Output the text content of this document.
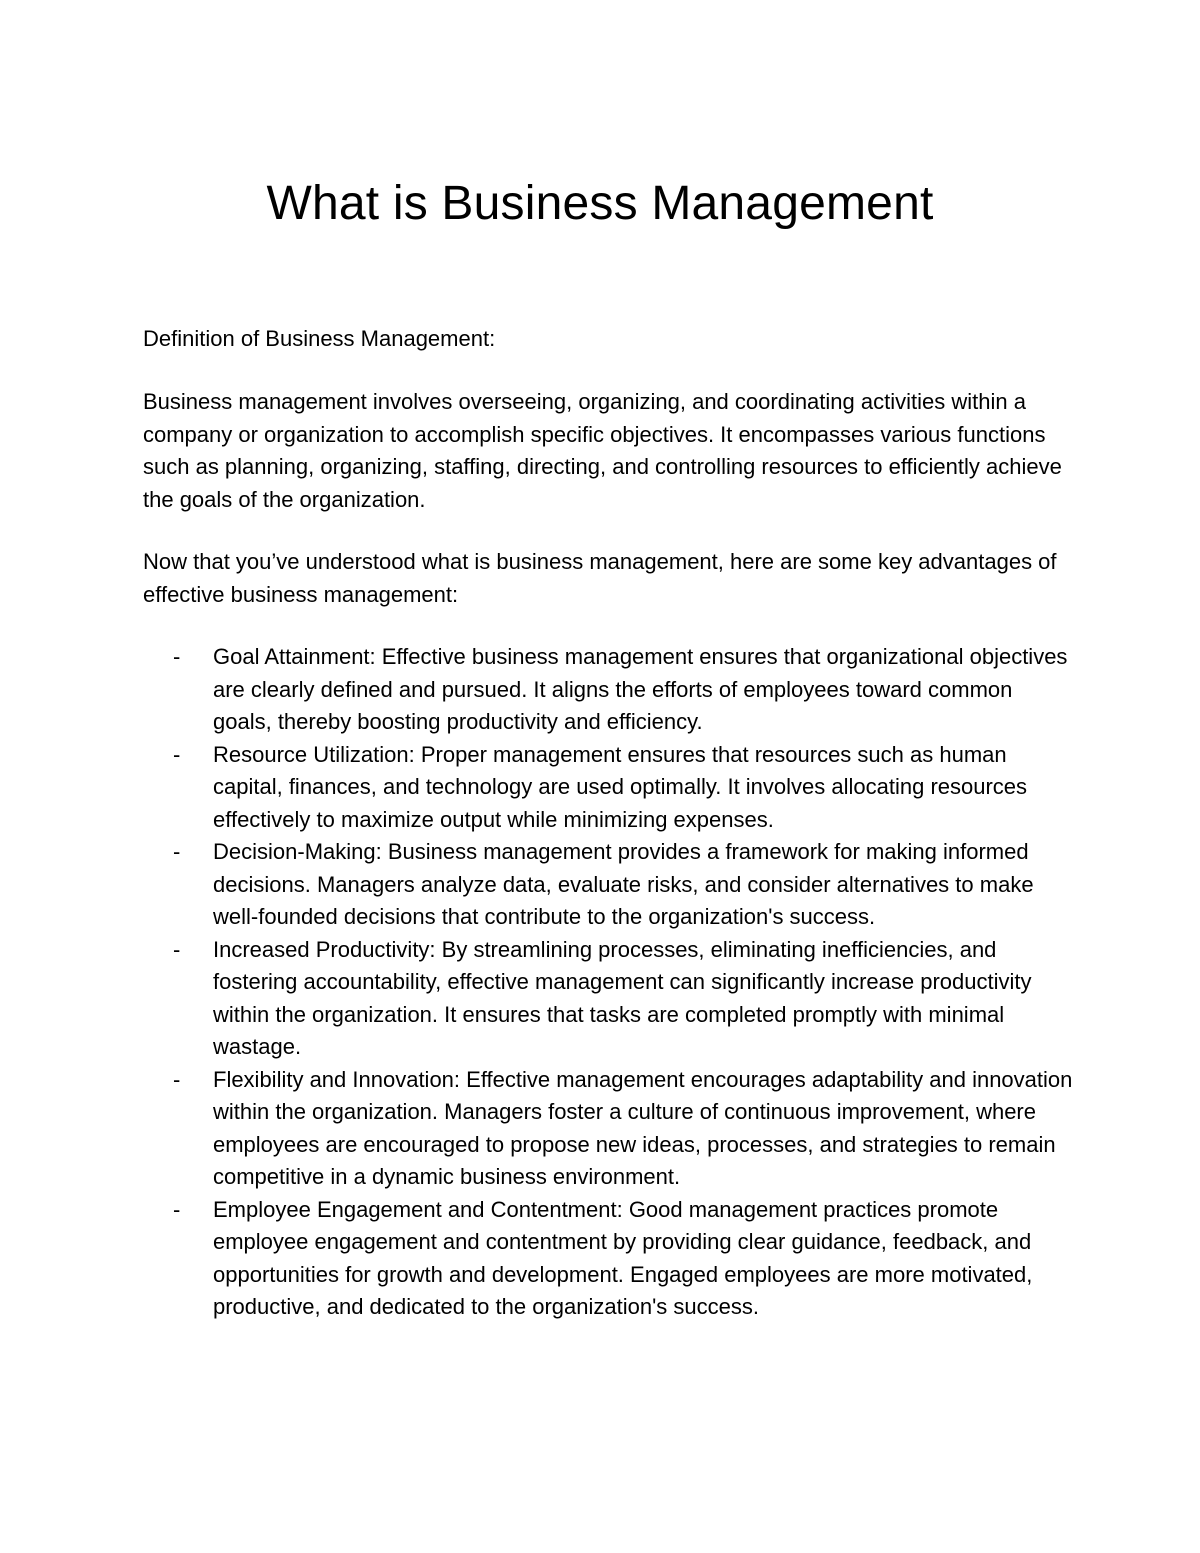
What is Business Management

Definition of Business Management:

Business management involves overseeing, organizing, and coordinating activities within a company or organization to accomplish specific objectives. It encompasses various functions such as planning, organizing, staffing, directing, and controlling resources to efficiently achieve the goals of the organization.

Now that you’ve understood what is business management, here are some key advantages of effective business management:

-	Goal Attainment: Effective business management ensures that organizational objectives are clearly defined and pursued. It aligns the efforts of employees toward common goals, thereby boosting productivity and efficiency.
-	Resource Utilization: Proper management ensures that resources such as human capital, finances, and technology are used optimally. It involves allocating resources effectively to maximize output while minimizing expenses.
-	Decision-Making: Business management provides a framework for making informed decisions. Managers analyze data, evaluate risks, and consider alternatives to make well-founded decisions that contribute to the organization's success.
-	Increased Productivity: By streamlining processes, eliminating inefficiencies, and fostering accountability, effective management can significantly increase productivity within the organization. It ensures that tasks are completed promptly with minimal wastage.
-	Flexibility and Innovation: Effective management encourages adaptability and innovation within the organization. Managers foster a culture of continuous improvement, where employees are encouraged to propose new ideas, processes, and strategies to remain competitive in a dynamic business environment.
-	Employee Engagement and Contentment: Good management practices promote employee engagement and contentment by providing clear guidance, feedback, and opportunities for growth and development. Engaged employees are more motivated, productive, and dedicated to the organization's success.
